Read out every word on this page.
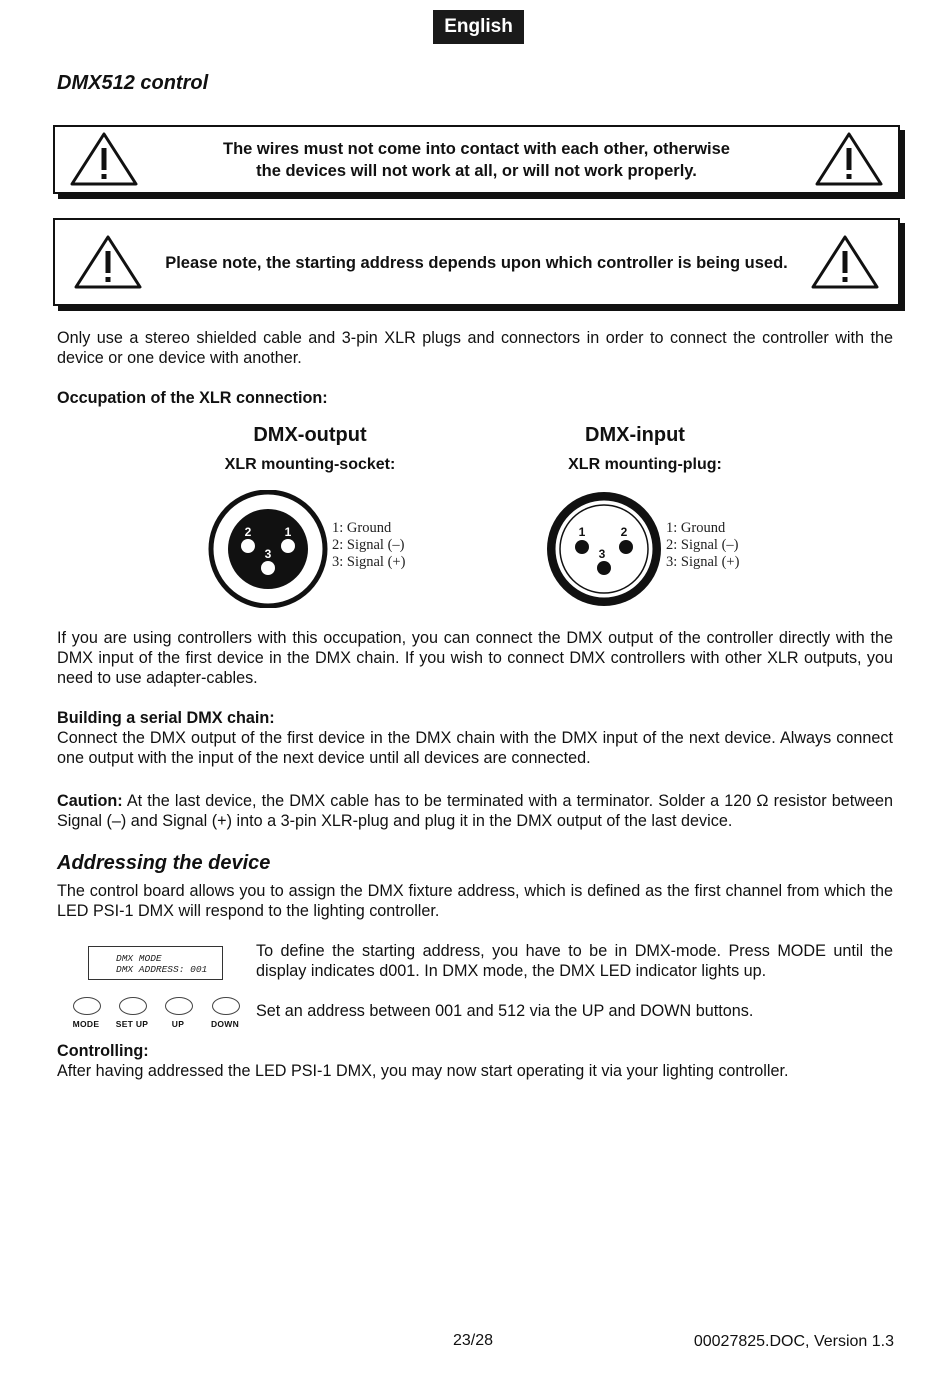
English
DMX512 control
The wires must not come into contact with each other, otherwise
the devices will not work at all, or will not work properly.
Please note, the starting address depends upon which controller is being used.

Only use a stereo shielded cable and 3-pin XLR plugs and connectors in order to connect the controller with the device or one device with another.

Occupation of the XLR connection:

DMX-output
XLR mounting-socket:
2	1
3
1: Ground
2: Signal (–)
3: Signal (+)
DMX-input
XLR mounting-plug:
1	2
3
1: Ground
2: Signal (–)
3: Signal (+)

If you are using controllers with this occupation, you can connect the DMX output of the controller directly with the DMX input of the first device in the DMX chain. If you wish to connect DMX controllers with other XLR outputs, you need to use adapter-cables.

Building a serial DMX chain:

Connect the DMX output of the first device in the DMX chain with the DMX input of the next device. Always connect one output with the input of the next device until all devices are connected.

Caution: At the last device, the DMX cable has to be terminated with a terminator. Solder a 120 Ω resistor between Signal (–) and Signal (+) into a 3-pin XLR-plug and plug it in the DMX output of the last device.

Addressing the device

The control board allows you to assign the DMX fixture address, which is defined as the first channel from which the LED PSI-1 DMX will respond to the lighting controller.

DMX MODE
DMX ADDRESS: 001
MODE	SET UP	UP	DOWN

To define the starting address, you have to be in DMX-mode. Press MODE until the display indicates d001. In DMX mode, the DMX LED indicator lights up.

Set an address between 001 and 512 via the UP and DOWN buttons.

Controlling:

After having addressed the LED PSI-1 DMX, you may now start operating it via your lighting controller.

23/28	00027825.DOC, Version 1.3
